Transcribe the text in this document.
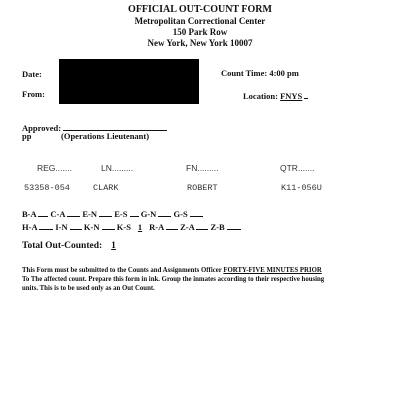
OFFICIAL OUT-COUNT FORM
Metropolitan Correctional Center
150 Park Row
New York, New York 10007
Date:
From:
Count Time: 4:00 pm
Location: FNYS
Approved:
pp	(Operations Lieutenant)
REG.......	LN.........	FN.........	QTR.......
53358-054	CLARK	ROBERT	K11-056U
B-A C-A E-N E-S G-N G-S
H-A I-N K-N K-S 1 R-A Z-A Z-B
Total Out-Counted: 1
This Form must be submitted to the Counts and Assignments Officer FORTY-FIVE MINUTES PRIOR
To The affected count. Prepare this form in ink. Group the inmates according to their respective housing
units. This is to be used only as an Out Count.
